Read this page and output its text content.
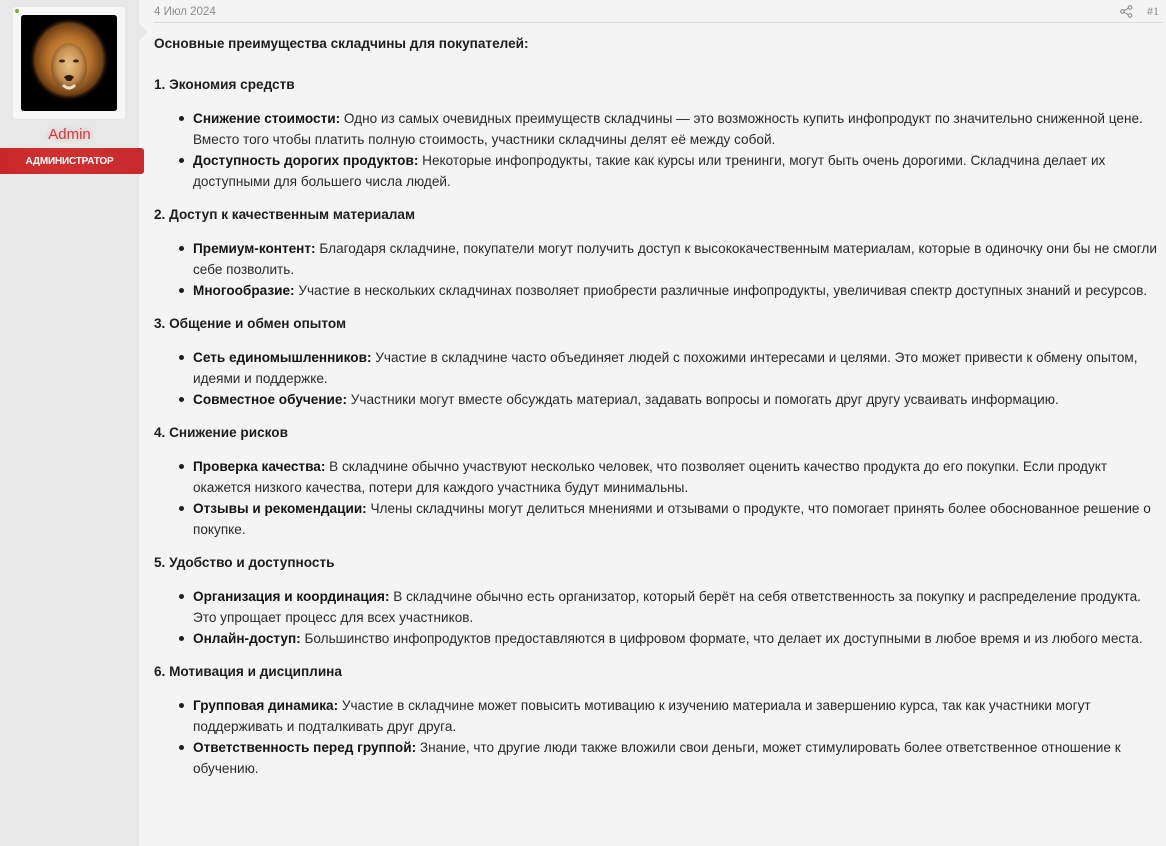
Admin
АДМИНИСТРАТОР
4 Июл 2024	#1
Основные преимущества складчины для покупателей:
1. Экономия средств
Снижение стоимости: Одно из самых очевидных преимуществ складчины — это возможность купить инфопродукт по значительно сниженной цене. Вместо того чтобы платить полную стоимость, участники складчины делят её между собой.
Доступность дорогих продуктов: Некоторые инфопродукты, такие как курсы или тренинги, могут быть очень дорогими. Складчина делает их доступными для большего числа людей.
2. Доступ к качественным материалам
Премиум-контент: Благодаря складчине, покупатели могут получить доступ к высококачественным материалам, которые в одиночку они бы не смогли себе позволить.
Многообразие: Участие в нескольких складчинах позволяет приобрести различные инфопродукты, увеличивая спектр доступных знаний и ресурсов.
3. Общение и обмен опытом
Сеть единомышленников: Участие в складчине часто объединяет людей с похожими интересами и целями. Это может привести к обмену опытом, идеями и поддержке.
Совместное обучение: Участники могут вместе обсуждать материал, задавать вопросы и помогать друг другу усваивать информацию.
4. Снижение рисков
Проверка качества: В складчине обычно участвуют несколько человек, что позволяет оценить качество продукта до его покупки. Если продукт окажется низкого качества, потери для каждого участника будут минимальны.
Отзывы и рекомендации: Члены складчины могут делиться мнениями и отзывами о продукте, что помогает принять более обоснованное решение о покупке.
5. Удобство и доступность
Организация и координация: В складчине обычно есть организатор, который берёт на себя ответственность за покупку и распределение продукта. Это упрощает процесс для всех участников.
Онлайн-доступ: Большинство инфопродуктов предоставляются в цифровом формате, что делает их доступными в любое время и из любого места.
6. Мотивация и дисциплина
Групповая динамика: Участие в складчине может повысить мотивацию к изучению материала и завершению курса, так как участники могут поддерживать и подталкивать друг друга.
Ответственность перед группой: Знание, что другие люди также вложили свои деньги, может стимулировать более ответственное отношение к обучению.
